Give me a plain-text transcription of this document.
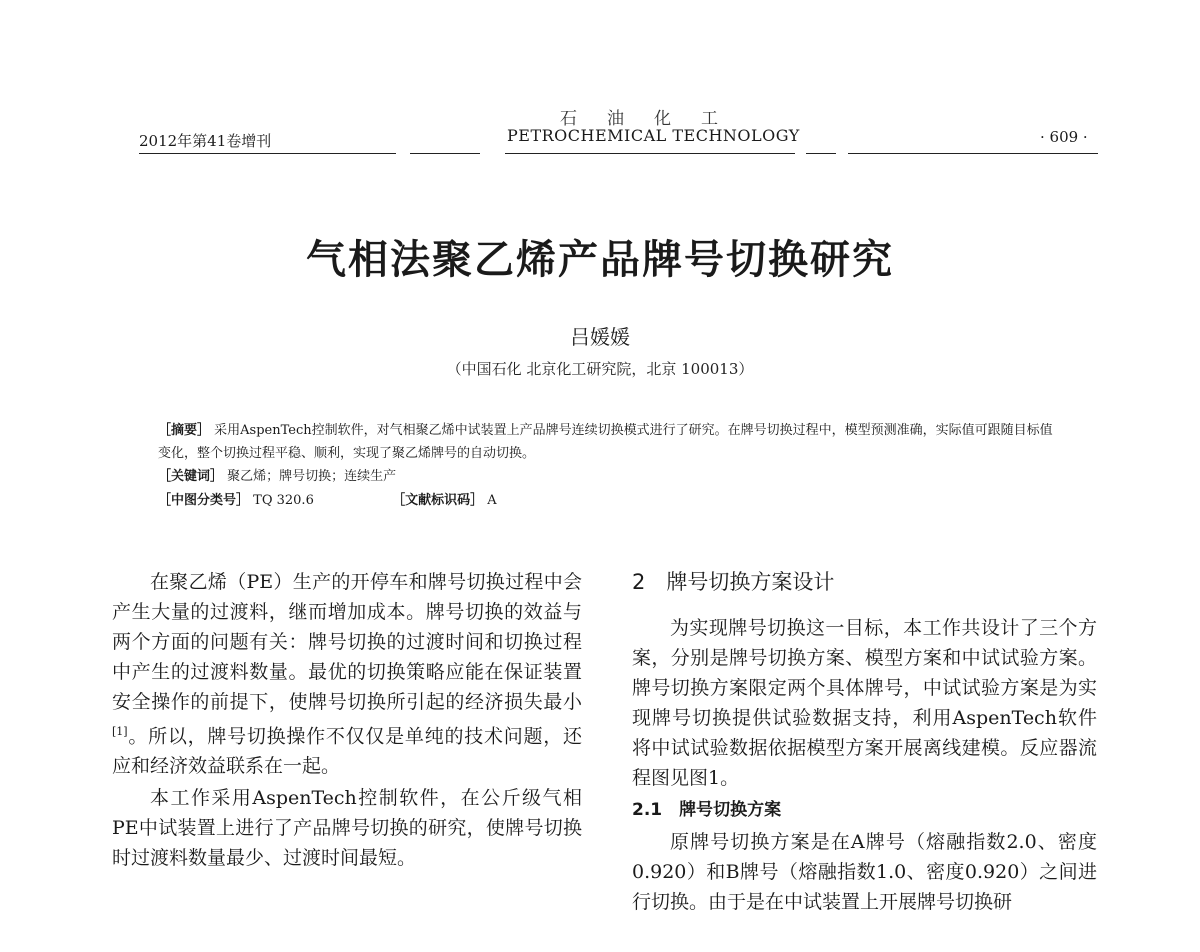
石油化工
PETROCHEMICAL TECHNOLOGY
2012年第41卷增刊	· 609 ·
气相法聚乙烯产品牌号切换研究
吕媛媛
（中国石化 北京化工研究院，北京 100013）
［摘要］ 采用AspenTech控制软件，对气相聚乙烯中试装置上产品牌号连续切换模式进行了研究。在牌号切换过程中，模型预测准确，实际值可跟随目标值变化，整个切换过程平稳、顺利，实现了聚乙烯牌号的自动切换。
［关键词］ 聚乙烯；牌号切换；连续生产
［中图分类号］ TQ 320.6	［文献标识码］ A

在聚乙烯（PE）生产的开停车和牌号切换过程中会产生大量的过渡料，继而增加成本。牌号切换的效益与两个方面的问题有关：牌号切换的过渡时间和切换过程中产生的过渡料数量。最优的切换策略应能在保证装置安全操作的前提下，使牌号切换所引起的经济损失最小[1]。所以，牌号切换操作不仅仅是单纯的技术问题，还应和经济效益联系在一起。

本工作采用AspenTech控制软件，在公斤级气相PE中试装置上进行了产品牌号切换的研究，使牌号切换时过渡料数量最少、过渡时间最短。

2　牌号切换方案设计

为实现牌号切换这一目标，本工作共设计了三个方案，分别是牌号切换方案、模型方案和中试试验方案。牌号切换方案限定两个具体牌号，中试试验方案是为实现牌号切换提供试验数据支持，利用AspenTech软件将中试试验数据依据模型方案开展离线建模。反应器流程图见图1。

2.1　牌号切换方案

原牌号切换方案是在A牌号（熔融指数2.0、密度0.920）和B牌号（熔融指数1.0、密度0.920）之间进行切换。由于是在中试装置上开展牌号切换研
